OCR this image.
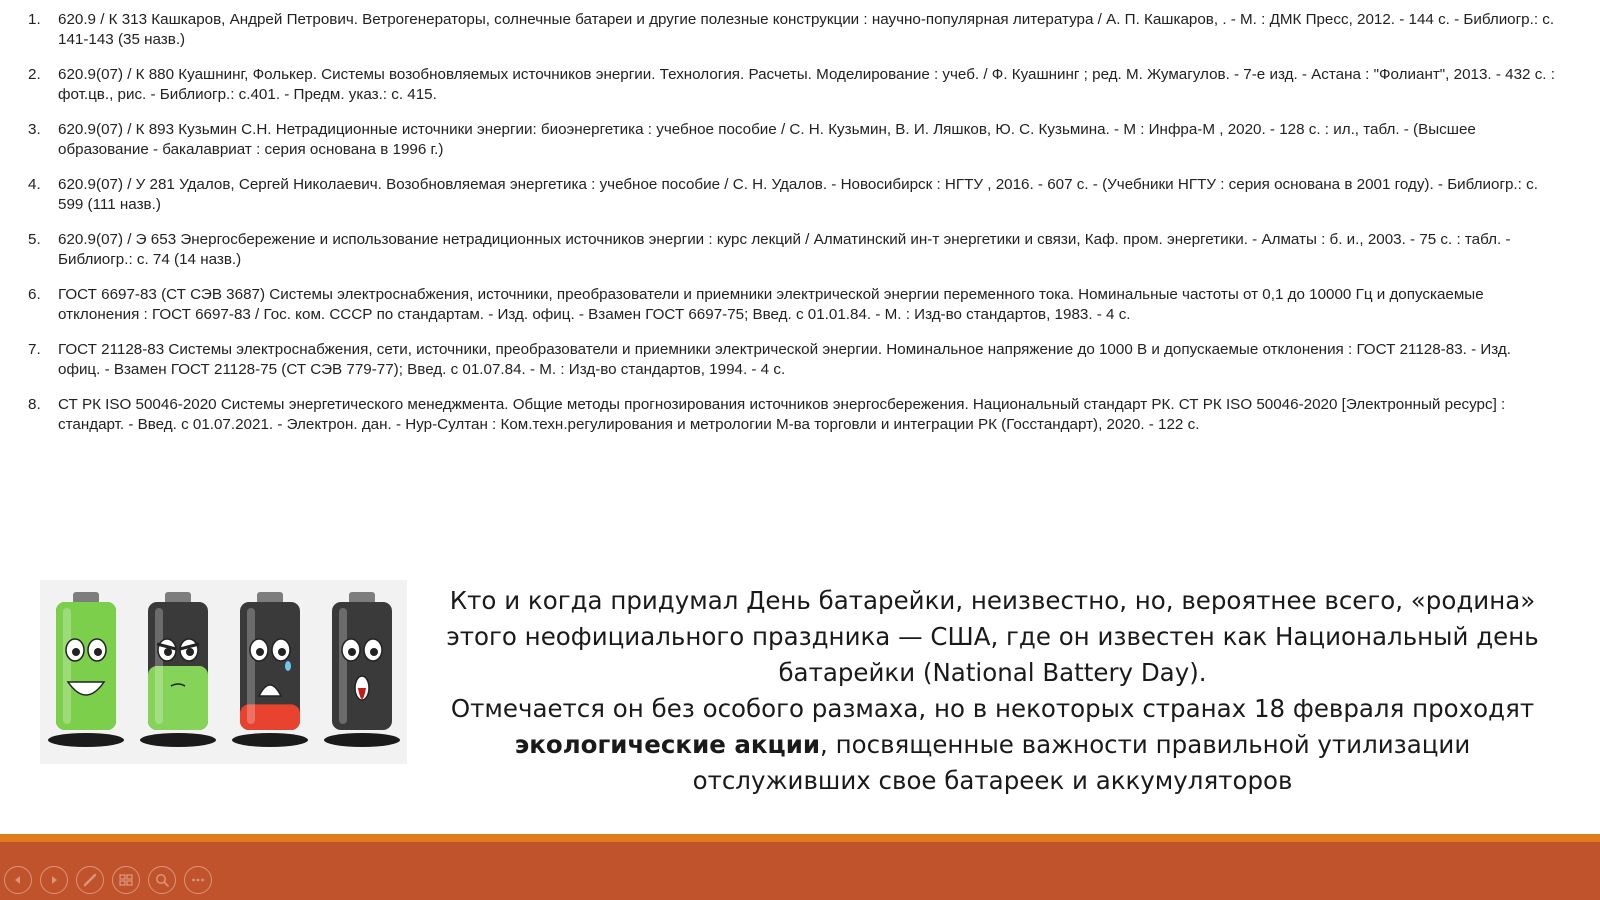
1.	620.9 / К 313 Кашкаров, Андрей Петрович. Ветрогенераторы, солнечные батареи и другие полезные конструкции : научно-популярная литература / А. П. Кашкаров, . - М. : ДМК Пресс, 2012. - 144 с. - Библиогр.: с. 141-143 (35 назв.)
2.	620.9(07) / К 880 Куашнинг, Фолькер. Системы возобновляемых источников энергии. Технология. Расчеты. Моделирование : учеб. / Ф. Куашнинг ; ред. М. Жумагулов. - 7-е изд. - Астана : "Фолиант", 2013. - 432 с. : фот.цв., рис. - Библиогр.: с.401. - Предм. указ.: с. 415.
3.	620.9(07) / К 893 Кузьмин С.Н. Нетрадиционные источники энергии: биоэнергетика : учебное пособие / С. Н. Кузьмин, В. И. Ляшков, Ю. С. Кузьмина. - М : Инфра-М , 2020. - 128 с. : ил., табл. - (Высшее образование - бакалавриат : серия основана в 1996 г.)
4.	620.9(07) / У 281 Удалов, Сергей Николаевич. Возобновляемая энергетика : учебное пособие / С. Н. Удалов. - Новосибирск : НГТУ , 2016. - 607 с. - (Учебники НГТУ : серия основана в 2001 году). - Библиогр.: с. 599 (111 назв.)
5.	620.9(07) / Э 653 Энергосбережение и использование нетрадиционных источников энергии : курс лекций / Алматинский ин-т энергетики и связи, Каф. пром. энергетики. - Алматы : б. и., 2003. - 75 с. : табл. - Библиогр.: с. 74 (14 назв.)
6.	ГОСТ 6697-83 (СТ СЭВ 3687) Системы электроснабжения, источники, преобразователи и приемники электрической энергии переменного тока. Номинальные частоты от 0,1 до 10000 Гц и допускаемые отклонения : ГОСТ 6697-83 / Гос. ком. СССР по стандартам. - Изд. офиц. - Взамен ГОСТ 6697-75; Введ. с 01.01.84. - М. : Изд-во стандартов, 1983. - 4 с.
7.	ГОСТ 21128-83 Системы электроснабжения, сети, источники, преобразователи и приемники электрической энергии. Номинальное напряжение до 1000 В и допускаемые отклонения : ГОСТ 21128-83. - Изд. офиц. - Взамен ГОСТ 21128-75 (СТ СЭВ 779-77); Введ. с 01.07.84. - М. : Изд-во стандартов, 1994. - 4 с.
8.	СТ РК ISO 50046-2020 Системы энергетического менеджмента. Общие методы прогнозирования источников энергосбережения. Национальный стандарт РК. СТ РК ISO 50046-2020 [Электронный ресурс] : стандарт. - Введ. с 01.07.2021. - Электрон. дан. - Нур-Султан : Ком.техн.регулирования и метрологии М-ва торговли и интеграции РК (Госстандарт), 2020. - 122 с.

Кто и когда придумал День батарейки, неизвестно, но, вероятнее всего, «родина» этого неофициального праздника — США, где он известен как Национальный день батарейки (National Battery Day).

Отмечается он без особого размаха, но в некоторых странах 18 февраля проходят экологические акции, посвященные важности правильной утилизации отслуживших свое батареек и аккумуляторов
